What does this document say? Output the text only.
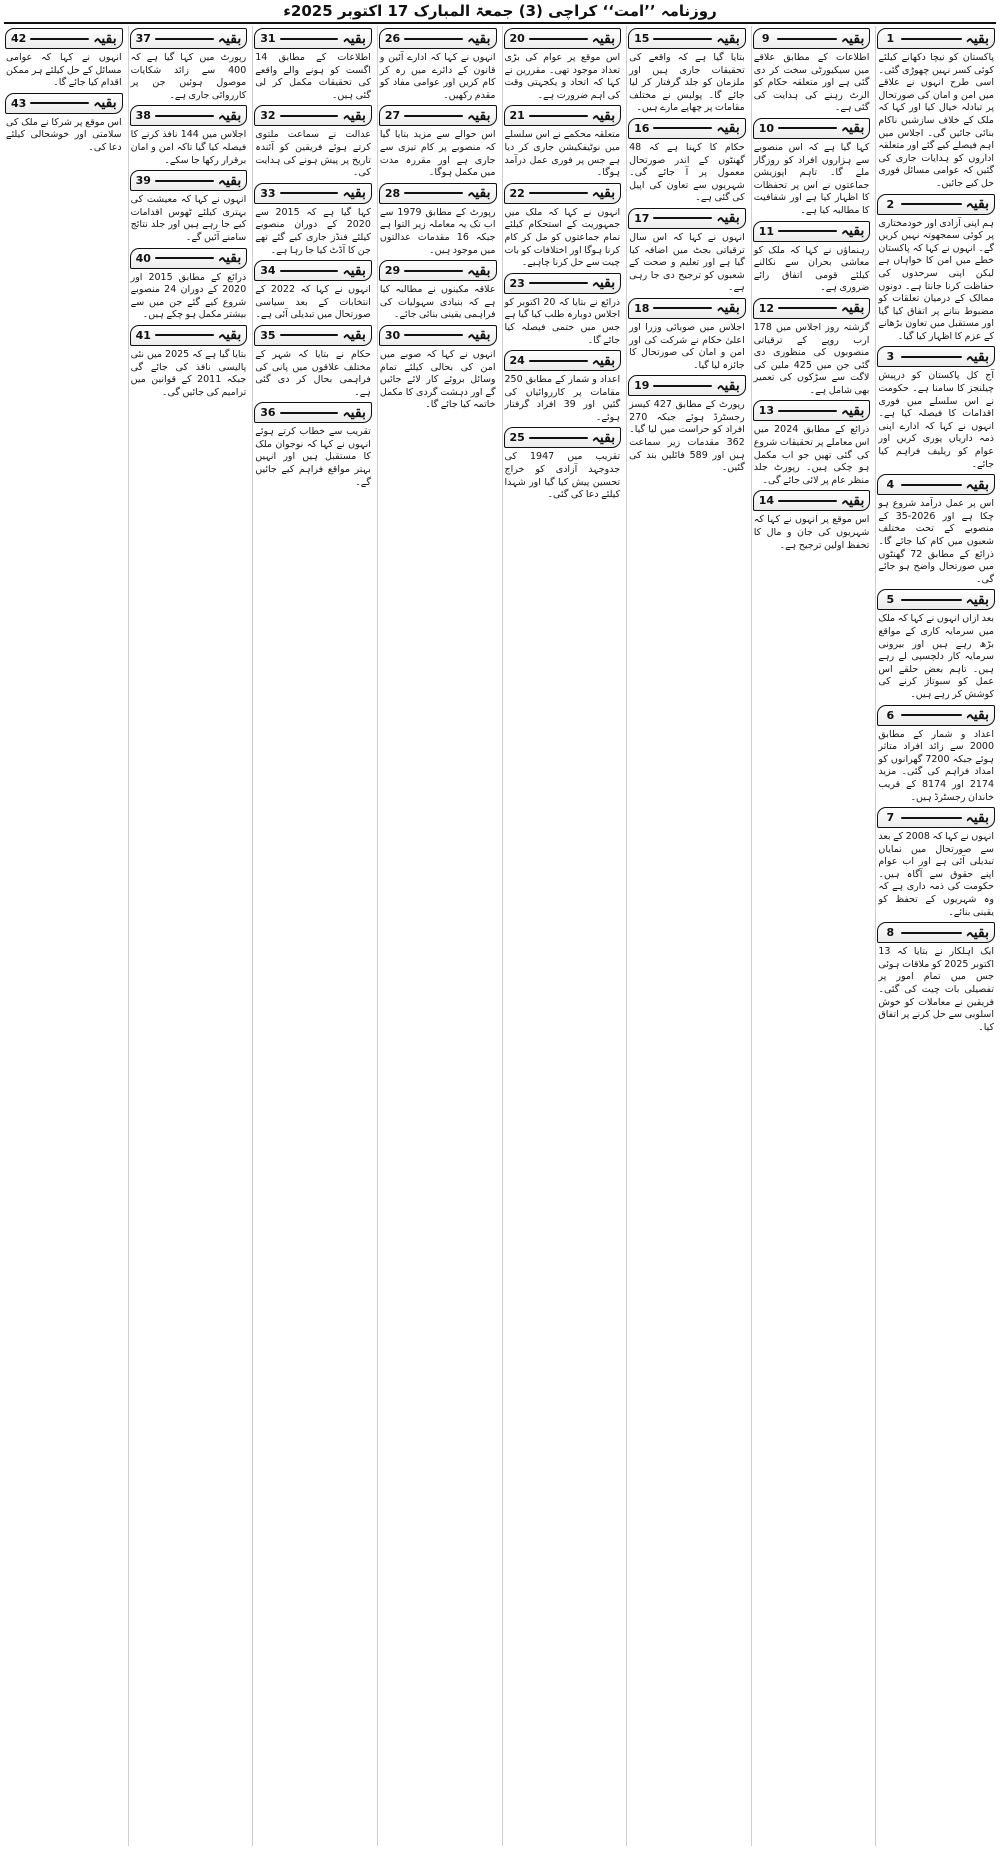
روزنامہ ’’امت‘‘ کراچی (3) جمعۃ المبارک 17 اکتوبر 2025ء
بقیہ
1
پاکستان کو نیچا دکھانے کیلئے کوئی کسر نہیں چھوڑی گئی۔ اسی طرح انہوں نے علاقے میں امن و امان کی صورتحال پر تبادلہ خیال کیا اور کہا کہ ملک کے خلاف سازشیں ناکام بنائی جائیں گی۔ اجلاس میں اہم فیصلے کیے گئے اور متعلقہ اداروں کو ہدایات جاری کی گئیں کہ عوامی مسائل فوری حل کیے جائیں۔
بقیہ
2
ہم اپنی آزادی اور خودمختاری پر کوئی سمجھوتہ نہیں کریں گے۔ انہوں نے کہا کہ پاکستان خطے میں امن کا خواہاں ہے لیکن اپنی سرحدوں کی حفاظت کرنا جانتا ہے۔ دونوں ممالک کے درمیان تعلقات کو مضبوط بنانے پر اتفاق کیا گیا اور مستقبل میں تعاون بڑھانے کے عزم کا اظہار کیا گیا۔
بقیہ
3
آج کل پاکستان کو درپیش چیلنجز کا سامنا ہے۔ حکومت نے اس سلسلے میں فوری اقدامات کا فیصلہ کیا ہے۔ انہوں نے کہا کہ ادارے اپنی ذمہ داریاں پوری کریں اور عوام کو ریلیف فراہم کیا جائے۔
بقیہ
4
اس پر عمل درآمد شروع ہو چکا ہے اور 2026-35 کے منصوبے کے تحت مختلف شعبوں میں کام کیا جائے گا۔ ذرائع کے مطابق 72 گھنٹوں میں صورتحال واضح ہو جائے گی۔
بقیہ
5
بعد ازاں انہوں نے کہا کہ ملک میں سرمایہ کاری کے مواقع بڑھ رہے ہیں اور بیرونی سرمایہ کار دلچسپی لے رہے ہیں۔ تاہم بعض حلقے اس عمل کو سبوتاژ کرنے کی کوشش کر رہے ہیں۔
بقیہ
6
اعداد و شمار کے مطابق 2000 سے زائد افراد متاثر ہوئے جبکہ 7200 گھرانوں کو امداد فراہم کی گئی۔ مزید 2174 اور 8174 کے قریب خاندان رجسٹرڈ ہیں۔
بقیہ
7
انہوں نے کہا کہ 2008 کے بعد سے صورتحال میں نمایاں تبدیلی آئی ہے اور اب عوام اپنے حقوق سے آگاہ ہیں۔ حکومت کی ذمہ داری ہے کہ وہ شہریوں کے تحفظ کو یقینی بنائے۔
بقیہ
8
ایک اہلکار نے بتایا کہ 13 اکتوبر 2025 کو ملاقات ہوئی جس میں تمام امور پر تفصیلی بات چیت کی گئی۔ فریقین نے معاملات کو خوش اسلوبی سے حل کرنے پر اتفاق کیا۔
بقیہ
9
اطلاعات کے مطابق علاقے میں سیکیورٹی سخت کر دی گئی ہے اور متعلقہ حکام کو الرٹ رہنے کی ہدایت کی گئی ہے۔
بقیہ
10
کہا گیا ہے کہ اس منصوبے سے ہزاروں افراد کو روزگار ملے گا۔ تاہم اپوزیشن جماعتوں نے اس پر تحفظات کا اظہار کیا ہے اور شفافیت کا مطالبہ کیا ہے۔
بقیہ
11
رہنماؤں نے کہا کہ ملک کو معاشی بحران سے نکالنے کیلئے قومی اتفاق رائے ضروری ہے۔
بقیہ
12
گزشتہ روز اجلاس میں 178 ارب روپے کے ترقیاتی منصوبوں کی منظوری دی گئی جن میں 425 ملین کی لاگت سے سڑکوں کی تعمیر بھی شامل ہے۔
بقیہ
13
ذرائع کے مطابق 2024 میں اس معاملے پر تحقیقات شروع کی گئی تھیں جو اب مکمل ہو چکی ہیں۔ رپورٹ جلد منظر عام پر لائی جائے گی۔
بقیہ
14
اس موقع پر انہوں نے کہا کہ شہریوں کی جان و مال کا تحفظ اولین ترجیح ہے۔
بقیہ
15
بتایا گیا ہے کہ واقعے کی تحقیقات جاری ہیں اور ملزمان کو جلد گرفتار کر لیا جائے گا۔ پولیس نے مختلف مقامات پر چھاپے مارے ہیں۔
بقیہ
16
حکام کا کہنا ہے کہ 48 گھنٹوں کے اندر صورتحال معمول پر آ جائے گی۔ شہریوں سے تعاون کی اپیل کی گئی ہے۔
بقیہ
17
انہوں نے کہا کہ اس سال ترقیاتی بجٹ میں اضافہ کیا گیا ہے اور تعلیم و صحت کے شعبوں کو ترجیح دی جا رہی ہے۔
بقیہ
18
اجلاس میں صوبائی وزرا اور اعلیٰ حکام نے شرکت کی اور امن و امان کی صورتحال کا جائزہ لیا گیا۔
بقیہ
19
رپورٹ کے مطابق 427 کیسز رجسٹرڈ ہوئے جبکہ 270 افراد کو حراست میں لیا گیا۔ 362 مقدمات زیر سماعت ہیں اور 589 فائلیں بند کی گئیں۔
بقیہ
20
اس موقع پر عوام کی بڑی تعداد موجود تھی۔ مقررین نے کہا کہ اتحاد و یکجہتی وقت کی اہم ضرورت ہے۔
بقیہ
21
متعلقہ محکمے نے اس سلسلے میں نوٹیفکیشن جاری کر دیا ہے جس پر فوری عمل درآمد ہوگا۔
بقیہ
22
انہوں نے کہا کہ ملک میں جمہوریت کے استحکام کیلئے تمام جماعتوں کو مل کر کام کرنا ہوگا اور اختلافات کو بات چیت سے حل کرنا چاہیے۔
بقیہ
23
ذرائع نے بتایا کہ 20 اکتوبر کو اجلاس دوبارہ طلب کیا گیا ہے جس میں حتمی فیصلہ کیا جائے گا۔
بقیہ
24
اعداد و شمار کے مطابق 250 مقامات پر کارروائیاں کی گئیں اور 39 افراد گرفتار ہوئے۔
بقیہ
25
تقریب میں 1947 کی جدوجہد آزادی کو خراج تحسین پیش کیا گیا اور شہدا کیلئے دعا کی گئی۔
بقیہ
26
انہوں نے کہا کہ ادارے آئین و قانون کے دائرے میں رہ کر کام کریں اور عوامی مفاد کو مقدم رکھیں۔
بقیہ
27
اس حوالے سے مزید بتایا گیا کہ منصوبے پر کام تیزی سے جاری ہے اور مقررہ مدت میں مکمل ہوگا۔
بقیہ
28
رپورٹ کے مطابق 1979 سے اب تک یہ معاملہ زیر التوا ہے جبکہ 16 مقدمات عدالتوں میں موجود ہیں۔
بقیہ
29
علاقہ مکینوں نے مطالبہ کیا ہے کہ بنیادی سہولیات کی فراہمی یقینی بنائی جائے۔
بقیہ
30
انہوں نے کہا کہ صوبے میں امن کی بحالی کیلئے تمام وسائل بروئے کار لائے جائیں گے اور دہشت گردی کا مکمل خاتمہ کیا جائے گا۔
بقیہ
31
اطلاعات کے مطابق 14 اگست کو ہونے والے واقعے کی تحقیقات مکمل کر لی گئی ہیں۔
بقیہ
32
عدالت نے سماعت ملتوی کرتے ہوئے فریقین کو آئندہ تاریخ پر پیش ہونے کی ہدایت کی۔
بقیہ
33
کہا گیا ہے کہ 2015 سے 2020 کے دوران منصوبے کیلئے فنڈز جاری کیے گئے تھے جن کا آڈٹ کیا جا رہا ہے۔
بقیہ
34
انہوں نے کہا کہ 2022 کے انتخابات کے بعد سیاسی صورتحال میں تبدیلی آئی ہے۔
بقیہ
35
حکام نے بتایا کہ شہر کے مختلف علاقوں میں پانی کی فراہمی بحال کر دی گئی ہے۔
بقیہ
36
تقریب سے خطاب کرتے ہوئے انہوں نے کہا کہ نوجوان ملک کا مستقبل ہیں اور انہیں بہتر مواقع فراہم کیے جائیں گے۔
بقیہ
37
رپورٹ میں کہا گیا ہے کہ 400 سے زائد شکایات موصول ہوئیں جن پر کارروائی جاری ہے۔
بقیہ
38
اجلاس میں 144 نافذ کرنے کا فیصلہ کیا گیا تاکہ امن و امان برقرار رکھا جا سکے۔
بقیہ
39
انہوں نے کہا کہ معیشت کی بہتری کیلئے ٹھوس اقدامات کیے جا رہے ہیں اور جلد نتائج سامنے آئیں گے۔
بقیہ
40
ذرائع کے مطابق 2015 اور 2020 کے دوران 24 منصوبے شروع کیے گئے جن میں سے بیشتر مکمل ہو چکے ہیں۔
بقیہ
41
بتایا گیا ہے کہ 2025 میں نئی پالیسی نافذ کی جائے گی جبکہ 2011 کے قوانین میں ترامیم کی جائیں گی۔
بقیہ
42
انہوں نے کہا کہ عوامی مسائل کے حل کیلئے ہر ممکن اقدام کیا جائے گا۔
بقیہ
43
اس موقع پر شرکا نے ملک کی سلامتی اور خوشحالی کیلئے دعا کی۔
